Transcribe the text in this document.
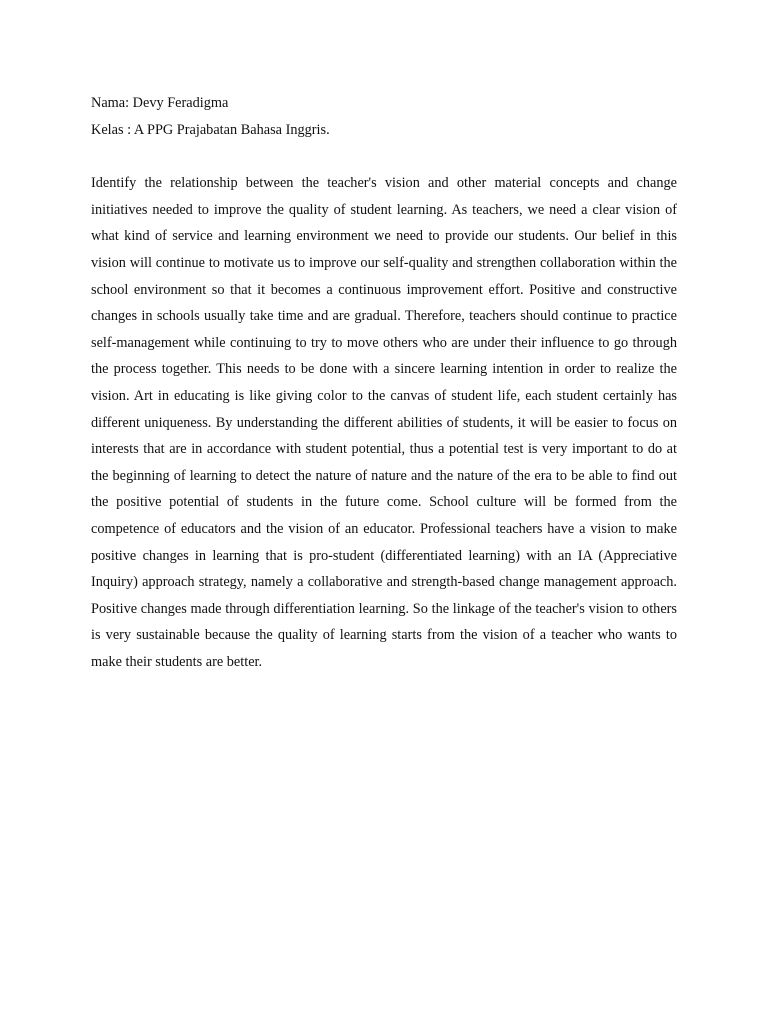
Nama: Devy Feradigma

Kelas : A PPG Prajabatan Bahasa Inggris.

Identify the relationship between the teacher's vision and other material concepts and change initiatives needed to improve the quality of student learning. As teachers, we need a clear vision of what kind of service and learning environment we need to provide our students. Our belief in this vision will continue to motivate us to improve our self-quality and strengthen collaboration within the school environment so that it becomes a continuous improvement effort. Positive and constructive changes in schools usually take time and are gradual. Therefore, teachers should continue to practice self-management while continuing to try to move others who are under their influence to go through the process together. This needs to be done with a sincere learning intention in order to realize the vision. Art in educating is like giving color to the canvas of student life, each student certainly has different uniqueness. By understanding the different abilities of students, it will be easier to focus on interests that are in accordance with student potential, thus a potential test is very important to do at the beginning of learning to detect the nature of nature and the nature of the era to be able to find out the positive potential of students in the future come. School culture will be formed from the competence of educators and the vision of an educator. Professional teachers have a vision to make positive changes in learning that is pro-student (differentiated learning) with an IA (Appreciative Inquiry) approach strategy, namely a collaborative and strength-based change management approach. Positive changes made through differentiation learning. So the linkage of the teacher's vision to others is very sustainable because the quality of learning starts from the vision of a teacher who wants to make their students are better.
